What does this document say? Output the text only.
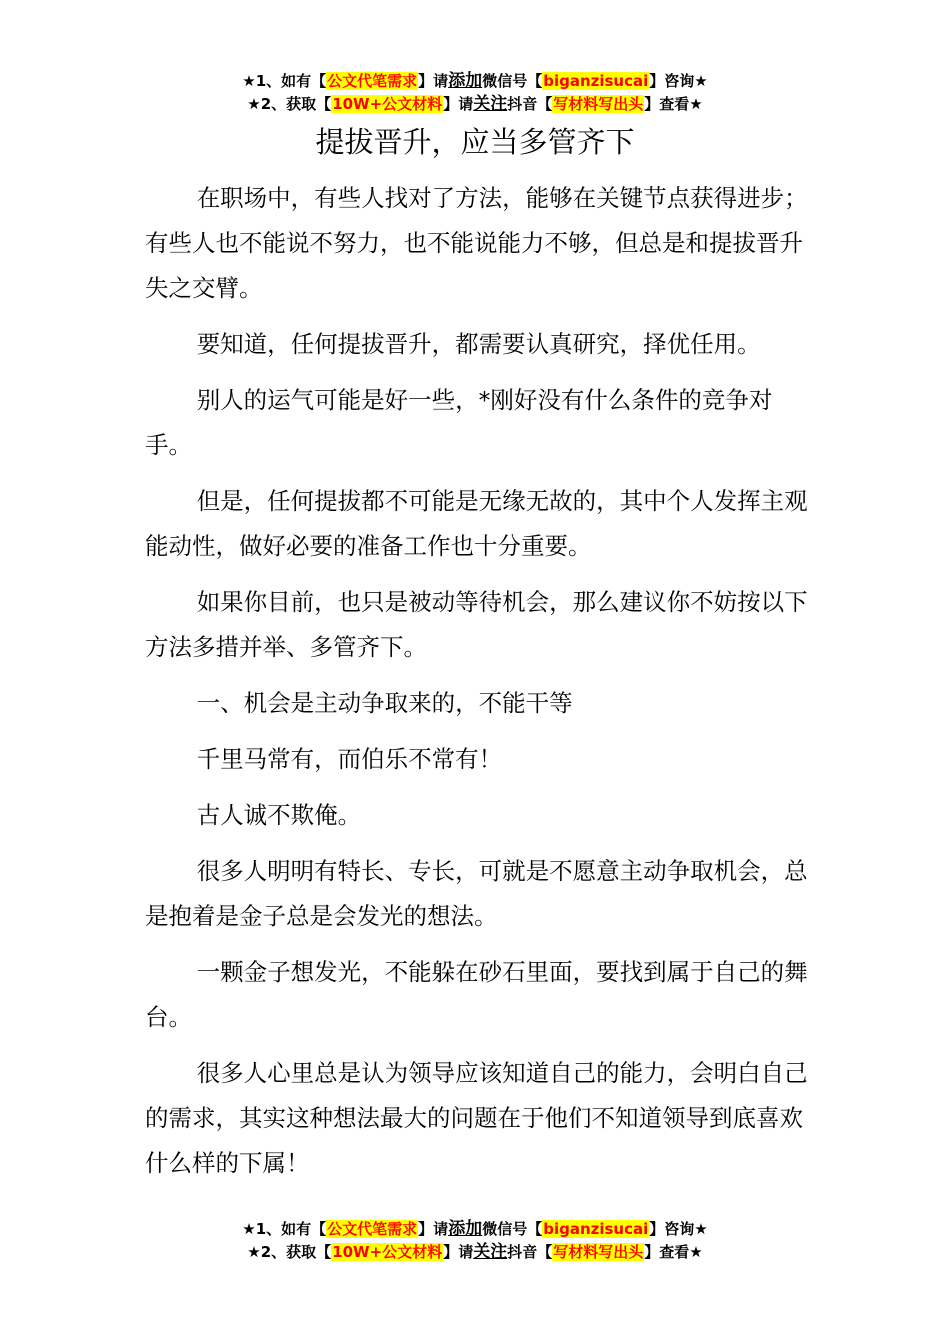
★1、如有【公文代笔需求】请添加微信号【biganzisucai】咨询★
★2、获取【10W+公文材料】请关注抖音【写材料写出头】查看★
提拔晋升，应当多管齐下

在职场中，有些人找对了方法，能够在关键节点获得进步；有些人也不能说不努力，也不能说能力不够，但总是和提拔晋升失之交臂。

要知道，任何提拔晋升，都需要认真研究，择优任用。

别人的运气可能是好一些，*刚好没有什么条件的竞争对手。

但是，任何提拔都不可能是无缘无故的，其中个人发挥主观能动性，做好必要的准备工作也十分重要。

如果你目前，也只是被动等待机会，那么建议你不妨按以下方法多措并举、多管齐下。

一、机会是主动争取来的，不能干等

千里马常有，而伯乐不常有！

古人诚不欺俺。

很多人明明有特长、专长，可就是不愿意主动争取机会，总是抱着是金子总是会发光的想法。

一颗金子想发光，不能躲在砂石里面，要找到属于自己的舞台。

很多人心里总是认为领导应该知道自己的能力，会明白自己的需求，其实这种想法最大的问题在于他们不知道领导到底喜欢什么样的下属！

★1、如有【公文代笔需求】请添加微信号【biganzisucai】咨询★
★2、获取【10W+公文材料】请关注抖音【写材料写出头】查看★
